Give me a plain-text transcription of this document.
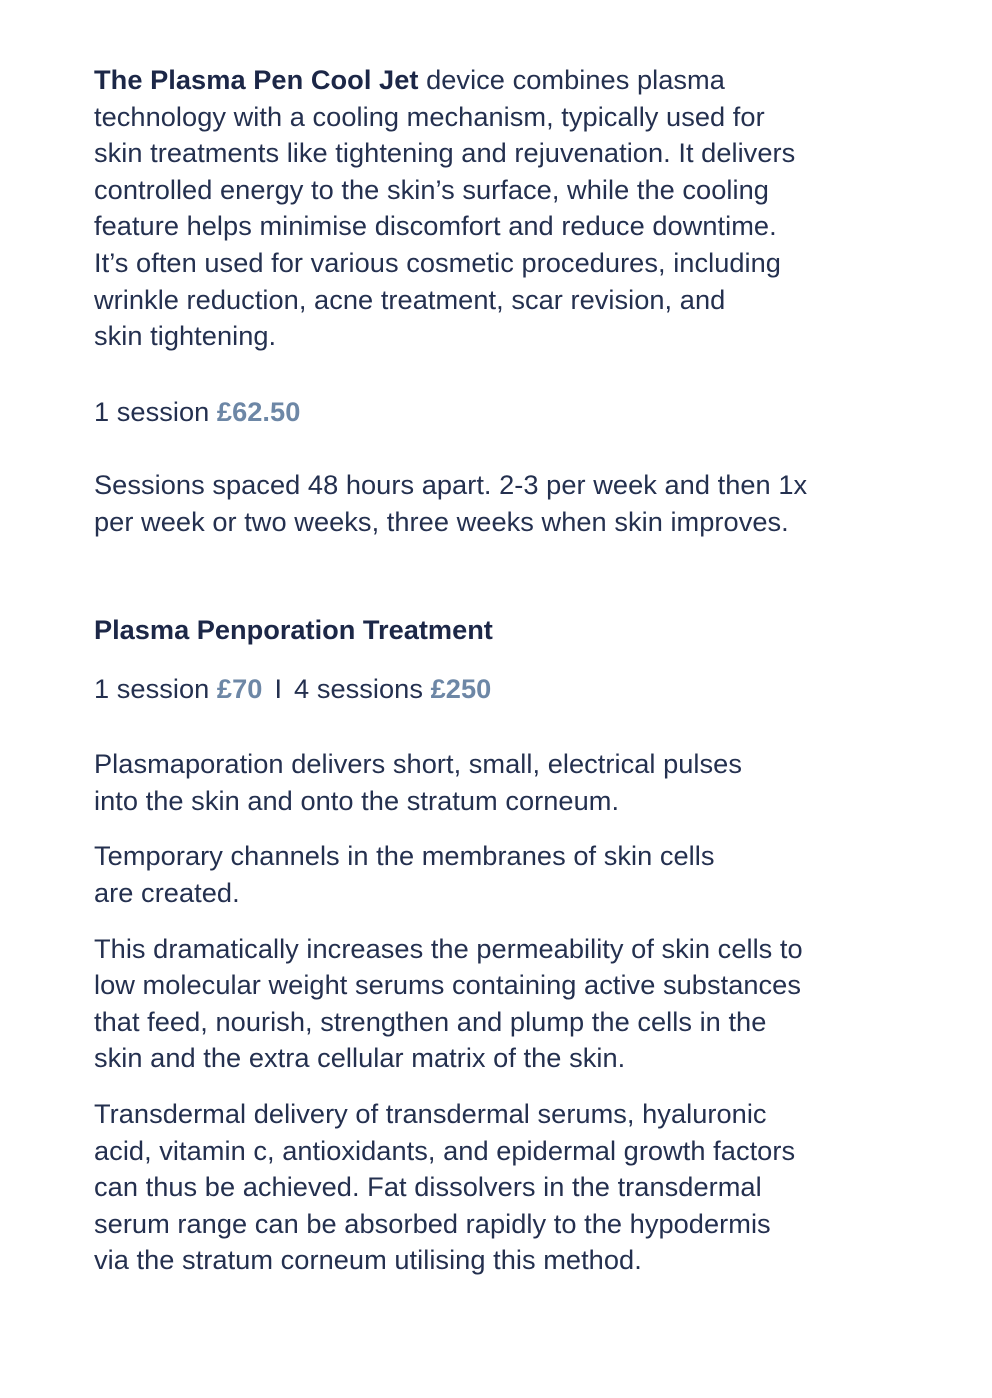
The Plasma Pen Cool Jet device combines plasma
technology with a cooling mechanism, typically used for
skin treatments like tightening and rejuvenation. It delivers
controlled energy to the skin’s surface, while the cooling
feature helps minimise discomfort and reduce downtime.
It’s often used for various cosmetic procedures, including
wrinkle reduction, acne treatment, scar revision, and
skin tightening.

1 session £62.50

Sessions spaced 48 hours apart. 2-3 per week and then 1x
per week or two weeks, three weeks when skin improves.

Plasma Penporation Treatment

1 session £70 I 4 sessions £250

Plasmaporation delivers short, small, electrical pulses
into the skin and onto the stratum corneum.

Temporary channels in the membranes of skin cells
are created.

This dramatically increases the permeability of skin cells to
low molecular weight serums containing active substances
that feed, nourish, strengthen and plump the cells in the
skin and the extra cellular matrix of the skin.

Transdermal delivery of transdermal serums, hyaluronic
acid, vitamin c, antioxidants, and epidermal growth factors
can thus be achieved. Fat dissolvers in the transdermal
serum range can be absorbed rapidly to the hypodermis
via the stratum corneum utilising this method.
